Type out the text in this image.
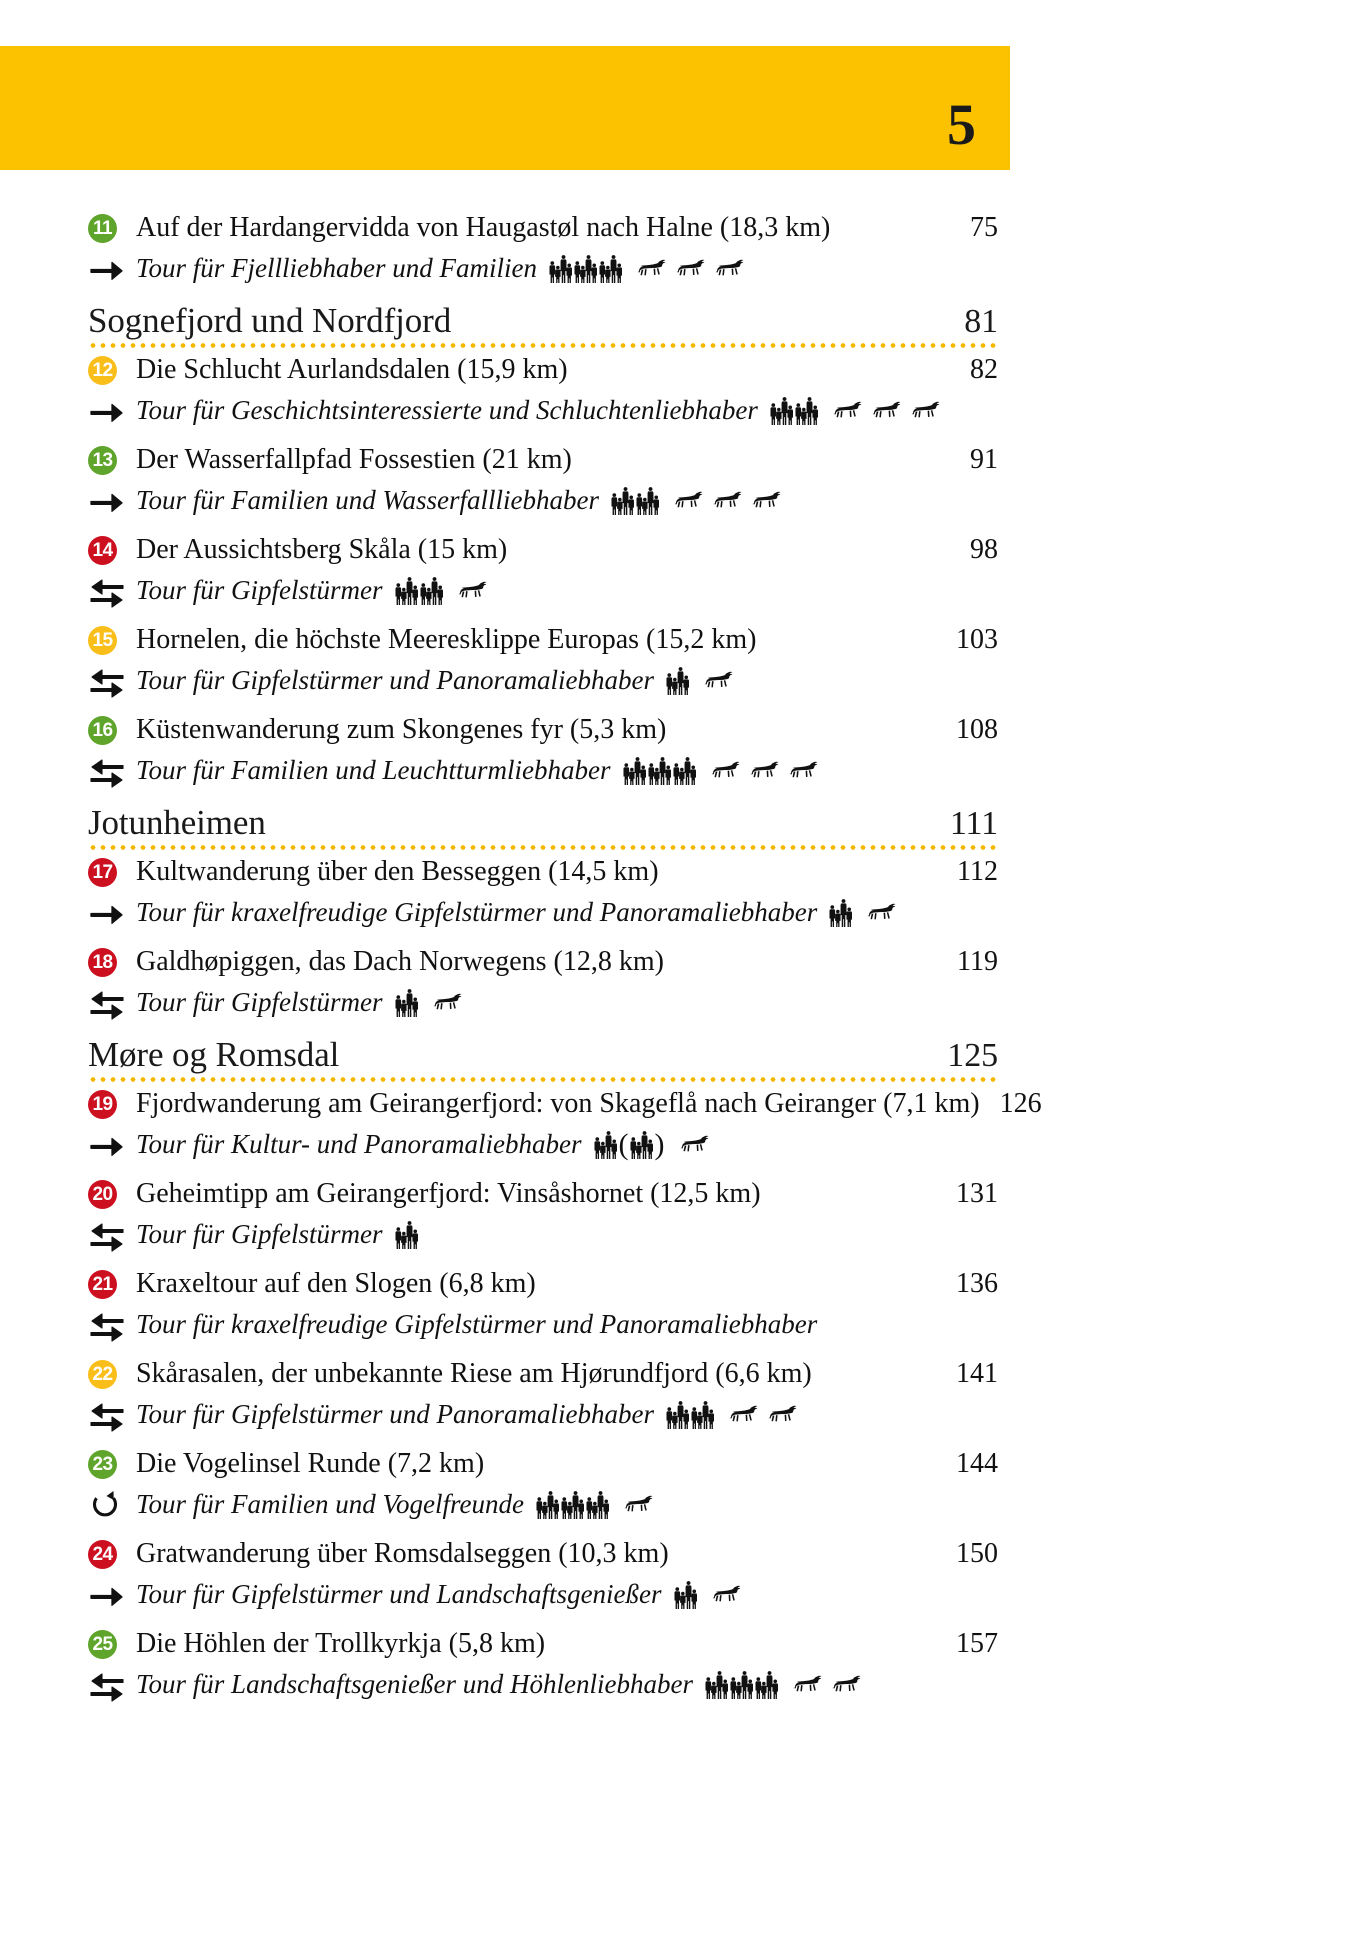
5
11 Auf der Hardangervidda von Haugastøl nach Halne (18,3 km)	75
Tour für Fjellliebhaber und Familien
Sognefjord und Nordfjord	81
12 Die Schlucht Aurlandsdalen (15,9 km)	82
Tour für Geschichtsinteressierte und Schluchtenliebhaber
13 Der Wasserfallpfad Fossestien (21 km)	91
Tour für Familien und Wasserfallliebhaber
14 Der Aussichtsberg Skåla (15 km)	98
Tour für Gipfelstürmer
15 Hornelen, die höchste Meeresklippe Europas (15,2 km)	103
Tour für Gipfelstürmer und Panoramaliebhaber
16 Küstenwanderung zum Skongenes fyr (5,3 km)	108
Tour für Familien und Leuchtturmliebhaber
Jotunheimen	111
17 Kultwanderung über den Besseggen (14,5 km)	112
Tour für kraxelfreudige Gipfelstürmer und Panoramaliebhaber
18 Galdhøpiggen, das Dach Norwegens (12,8 km)	119
Tour für Gipfelstürmer
Møre og Romsdal	125
19 Fjordwanderung am Geirangerfjord: von Skageflå nach Geiranger (7,1 km) 126
Tour für Kultur- und Panoramaliebhaber ( )
20 Geheimtipp am Geirangerfjord: Vinsåshornet (12,5 km)	131
Tour für Gipfelstürmer
21 Kraxeltour auf den Slogen (6,8 km)	136
Tour für kraxelfreudige Gipfelstürmer und Panoramaliebhaber
22 Skårasalen, der unbekannte Riese am Hjørundfjord (6,6 km)	141
Tour für Gipfelstürmer und Panoramaliebhaber
23 Die Vogelinsel Runde (7,2 km)	144
Tour für Familien und Vogelfreunde
24 Gratwanderung über Romsdalseggen (10,3 km)	150
Tour für Gipfelstürmer und Landschaftsgenießer
25 Die Höhlen der Trollkyrkja (5,8 km)	157
Tour für Landschaftsgenießer und Höhlenliebhaber
